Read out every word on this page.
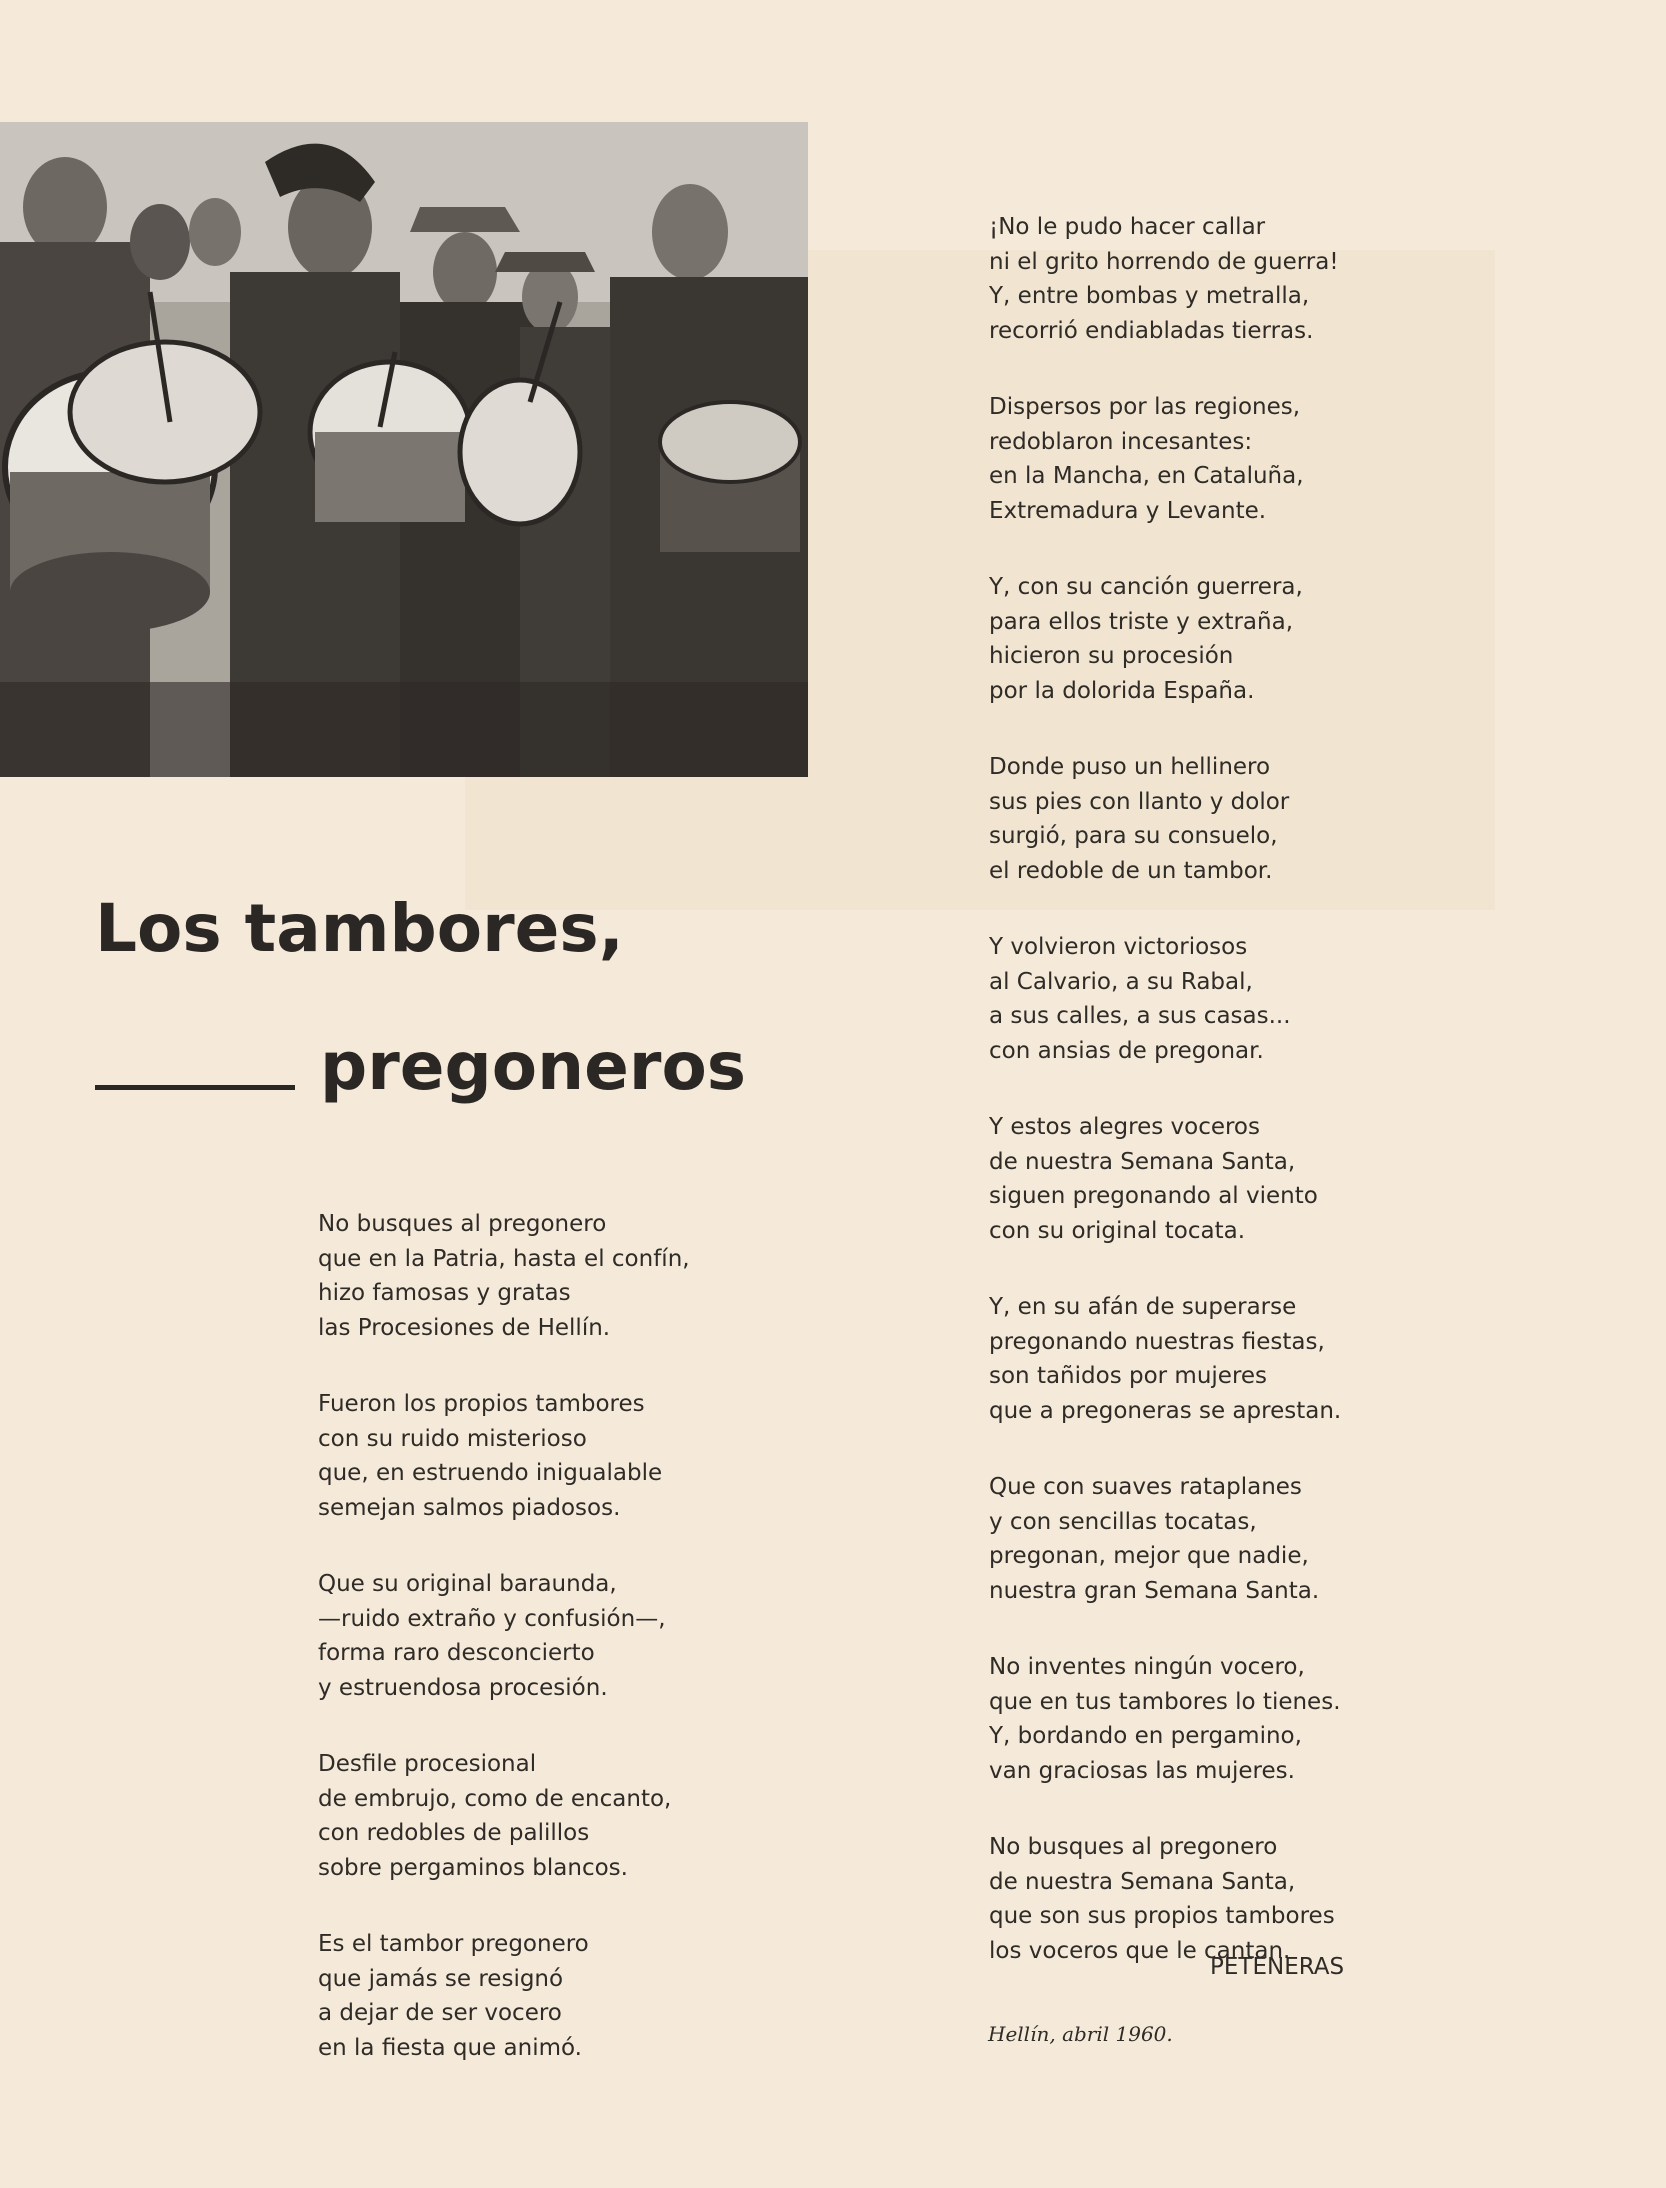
Los tambores,
pregoneros
No busques al pregonero
que en la Patria, hasta el confín,
hizo famosas y gratas
las Procesiones de Hellín.
Fueron los propios tambores
con su ruido misterioso
que, en estruendo inigualable
semejan salmos piadosos.
Que su original baraunda,
—ruido extraño y confusión—,
forma raro desconcierto
y estruendosa procesión.
Desfile procesional
de embrujo, como de encanto,
con redobles de palillos
sobre pergaminos blancos.
Es el tambor pregonero
que jamás se resignó
a dejar de ser vocero
en la fiesta que animó.
¡No le pudo hacer callar
ni el grito horrendo de guerra!
Y, entre bombas y metralla,
recorrió endiabladas tierras.
Dispersos por las regiones,
redoblaron incesantes:
en la Mancha, en Cataluña,
Extremadura y Levante.
Y, con su canción guerrera,
para ellos triste y extraña,
hicieron su procesión
por la dolorida España.
Donde puso un hellinero
sus pies con llanto y dolor
surgió, para su consuelo,
el redoble de un tambor.
Y volvieron victoriosos
al Calvario, a su Rabal,
a sus calles, a sus casas...
con ansias de pregonar.
Y estos alegres voceros
de nuestra Semana Santa,
siguen pregonando al viento
con su original tocata.
Y, en su afán de superarse
pregonando nuestras fiestas,
son tañidos por mujeres
que a pregoneras se aprestan.
Que con suaves rataplanes
y con sencillas tocatas,
pregonan, mejor que nadie,
nuestra gran Semana Santa.
No inventes ningún vocero,
que en tus tambores lo tienes.
Y, bordando en pergamino,
van graciosas las mujeres.
No busques al pregonero
de nuestra Semana Santa,
que son sus propios tambores
los voceros que le cantan.
PETENERAS
Hellín, abril 1960.
